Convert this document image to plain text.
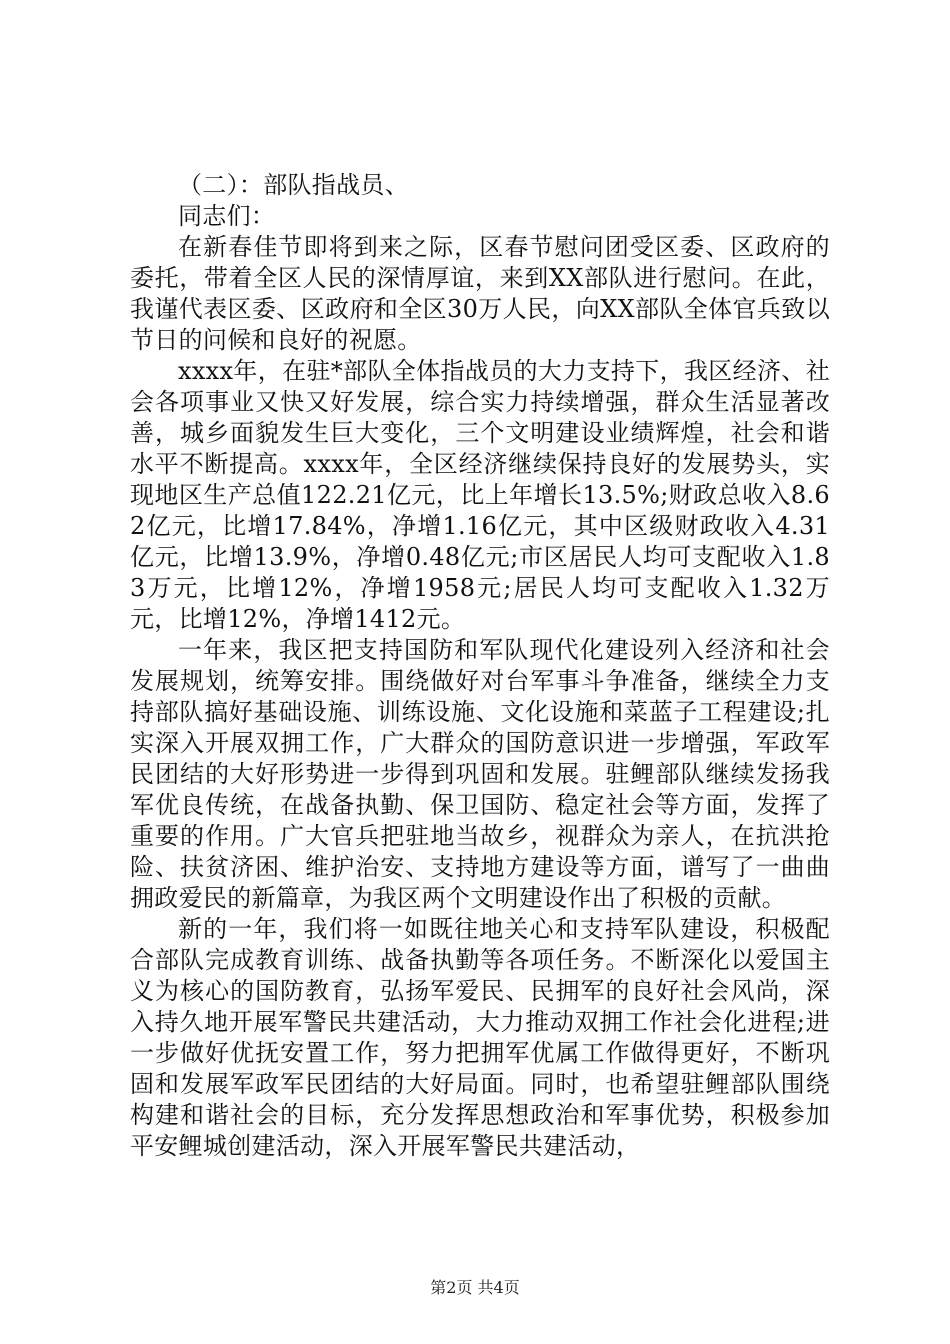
（二）：部队指战员、

同志们：

在新春佳节即将到来之际，区春节慰问团受区委、区政府的委托，带着全区人民的深情厚谊，来到XX部队进行慰问。在此，我谨代表区委、区政府和全区30万人民，向XX部队全体官兵致以节日的问候和良好的祝愿。

xxxx年，在驻*部队全体指战员的大力支持下，我区经济、社会各项事业又快又好发展，综合实力持续增强，群众生活显著改善，城乡面貌发生巨大变化，三个文明建设业绩辉煌，社会和谐水平不断提高。xxxx年，全区经济继续保持良好的发展势头，实现地区生产总值122.21亿元，比上年增长13.5%;财政总收入8.62亿元，比增17.84%，净增1.16亿元，其中区级财政收入4.31亿元，比增13.9%，净增0.48亿元;市区居民人均可支配收入1.83万元，比增12%，净增1958元;居民人均可支配收入1.32万元，比增12%，净增1412元。

一年来，我区把支持国防和军队现代化建设列入经济和社会发展规划，统筹安排。围绕做好对台军事斗争准备，继续全力支持部队搞好基础设施、训练设施、文化设施和菜蓝子工程建设;扎实深入开展双拥工作，广大群众的国防意识进一步增强，军政军民团结的大好形势进一步得到巩固和发展。驻鲤部队继续发扬我军优良传统，在战备执勤、保卫国防、稳定社会等方面，发挥了重要的作用。广大官兵把驻地当故乡，视群众为亲人，在抗洪抢险、扶贫济困、维护治安、支持地方建设等方面，谱写了一曲曲拥政爱民的新篇章，为我区两个文明建设作出了积极的贡献。

新的一年，我们将一如既往地关心和支持军队建设，积极配合部队完成教育训练、战备执勤等各项任务。不断深化以爱国主义为核心的国防教育，弘扬军爱民、民拥军的良好社会风尚，深入持久地开展军警民共建活动，大力推动双拥工作社会化进程;进一步做好优抚安置工作，努力把拥军优属工作做得更好，不断巩固和发展军政军民团结的大好局面。同时，也希望驻鲤部队围绕构建和谐社会的目标，充分发挥思想政治和军事优势，积极参加平安鲤城创建活动，深入开展军警民共建活动，

第2页 共4页
